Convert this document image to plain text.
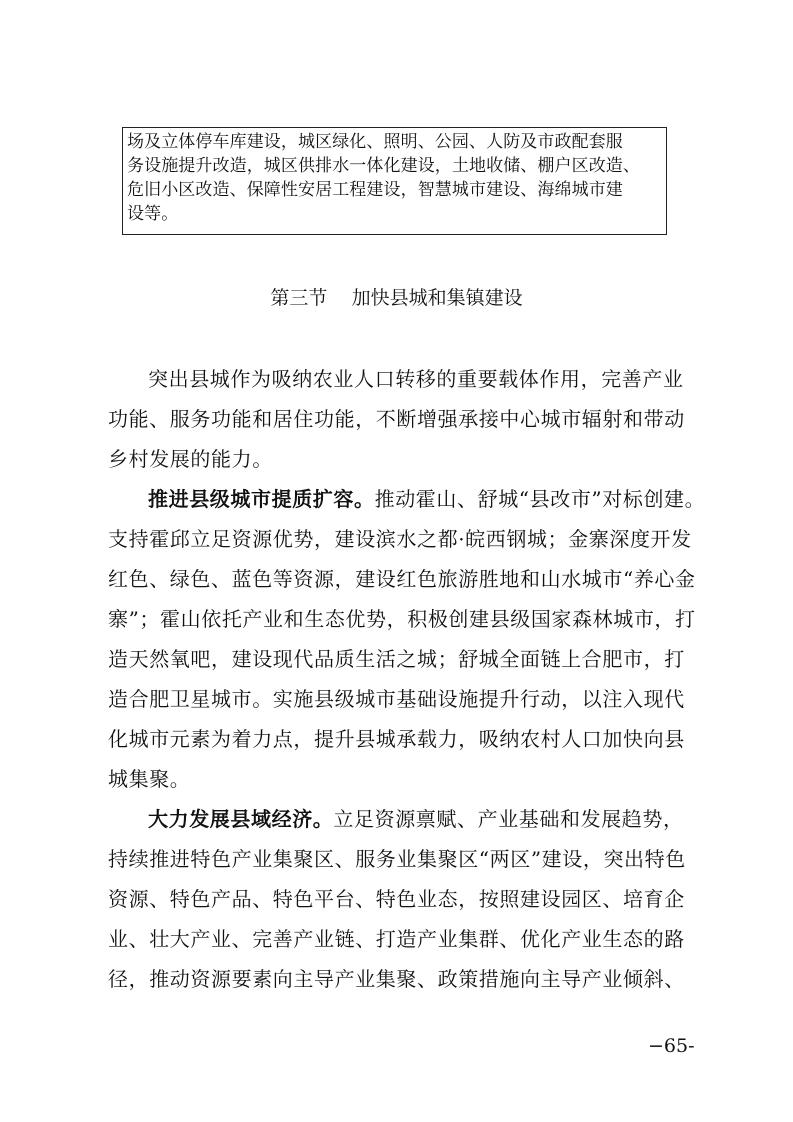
场及立体停车库建设，城区绿化、照明、公园、人防及市政配套服
务设施提升改造，城区供排水一体化建设，土地收储、棚户区改造、
危旧小区改造、保障性安居工程建设，智慧城市建设、海绵城市建
设等。
第三节    加快县城和集镇建设
突出县城作为吸纳农业人口转移的重要载体作用，完善产业
功能、服务功能和居住功能，不断增强承接中心城市辐射和带动
乡村发展的能力。
推进县级城市提质扩容。推动霍山、舒城“县改市”对标创建。
支持霍邱立足资源优势，建设滨水之都·皖西钢城；金寨深度开发
红色、绿色、蓝色等资源，建设红色旅游胜地和山水城市“养心金
寨”；霍山依托产业和生态优势，积极创建县级国家森林城市，打
造天然氧吧，建设现代品质生活之城；舒城全面链上合肥市，打
造合肥卫星城市。实施县级城市基础设施提升行动，以注入现代
化城市元素为着力点，提升县城承载力，吸纳农村人口加快向县
城集聚。
大力发展县域经济。立足资源禀赋、产业基础和发展趋势，
持续推进特色产业集聚区、服务业集聚区“两区”建设，突出特色
资源、特色产品、特色平台、特色业态，按照建设园区、培育企
业、壮大产业、完善产业链、打造产业集群、优化产业生态的路
径，推动资源要素向主导产业集聚、政策措施向主导产业倾斜、
−65-
